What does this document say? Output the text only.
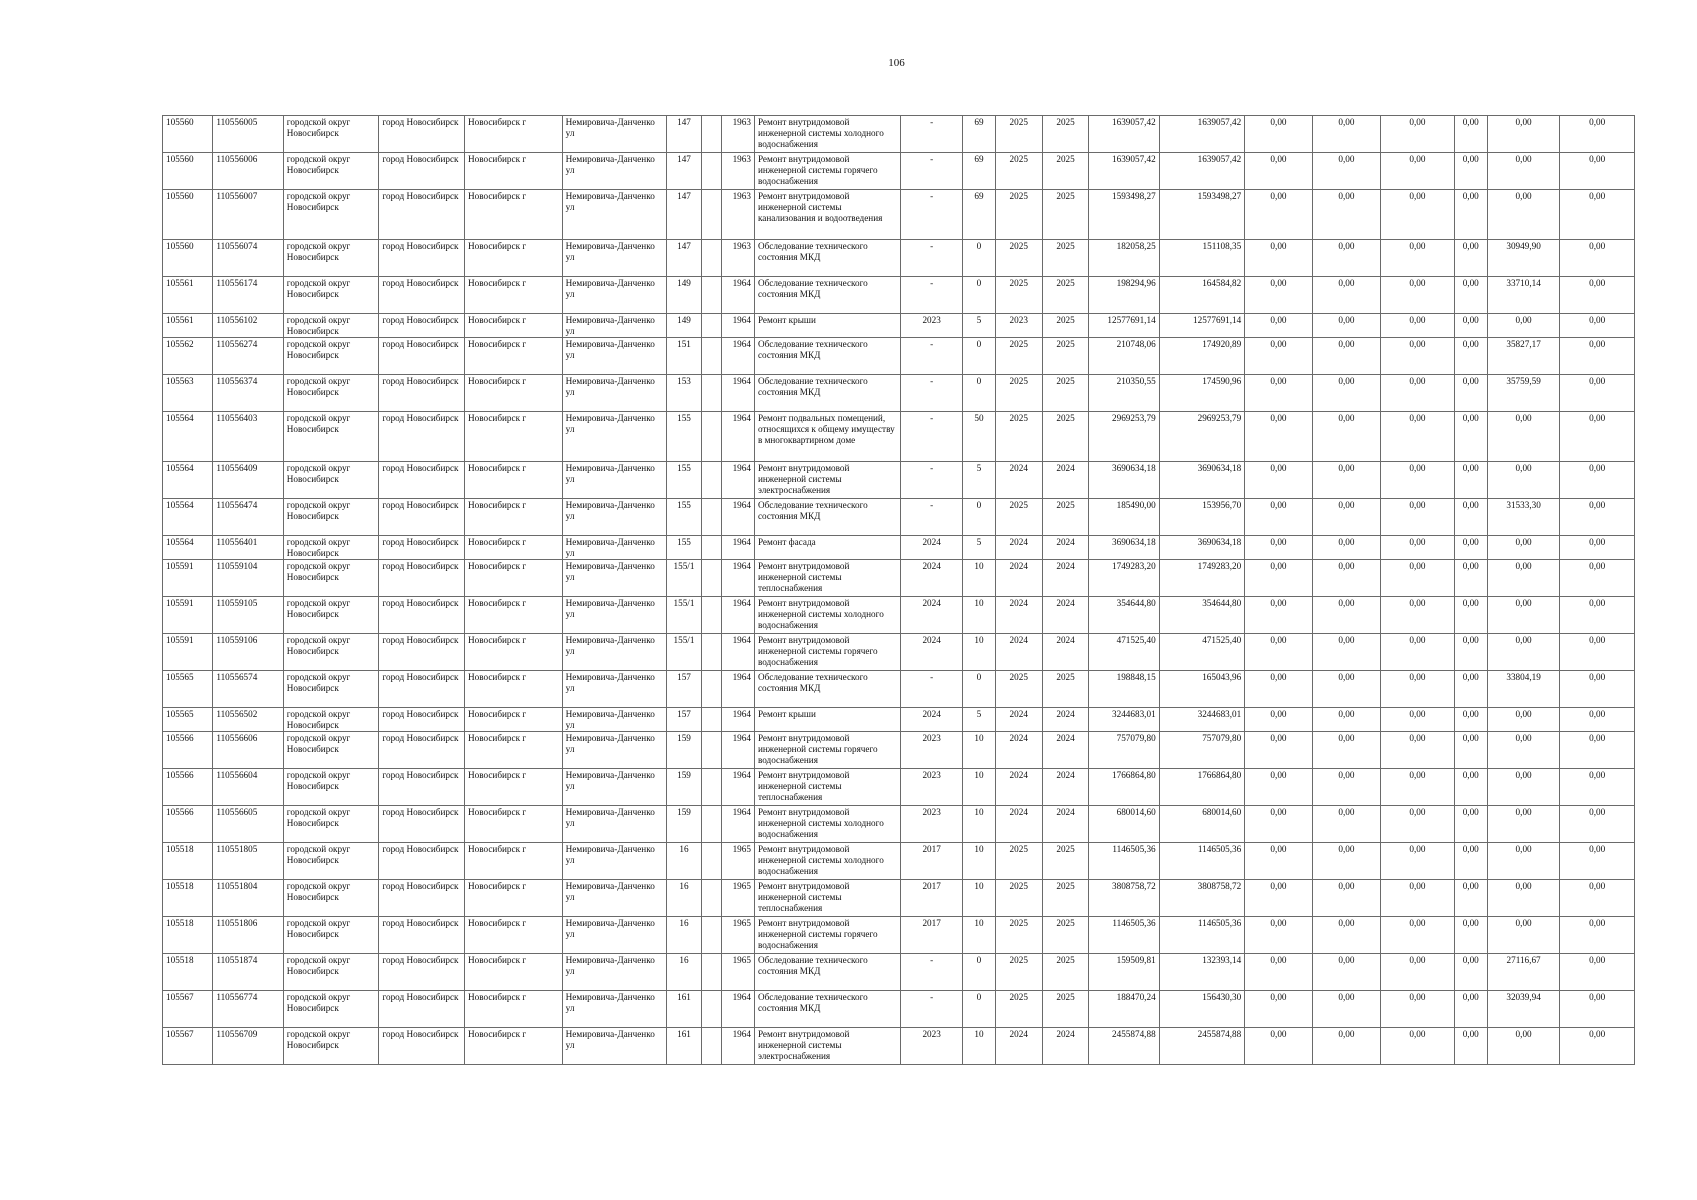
106
105560	110556005	городской округ Новосибирск	город Новосибирск	Новосибирск г	Немировича-Данченко ул	147		1963	Ремонт внутридомовой инженерной системы холодного водоснабжения	-	69	2025	2025	1639057,42	1639057,42	0,00	0,00	0,00	0,00	0,00	0,00
105560	110556006	городской округ Новосибирск	город Новосибирск	Новосибирск г	Немировича-Данченко ул	147		1963	Ремонт внутридомовой инженерной системы горячего водоснабжения	-	69	2025	2025	1639057,42	1639057,42	0,00	0,00	0,00	0,00	0,00	0,00
105560	110556007	городской округ Новосибирск	город Новосибирск	Новосибирск г	Немировича-Данченко ул	147		1963	Ремонт внутридомовой инженерной системы канализования и водоотведения	-	69	2025	2025	1593498,27	1593498,27	0,00	0,00	0,00	0,00	0,00	0,00
105560	110556074	городской округ Новосибирск	город Новосибирск	Новосибирск г	Немировича-Данченко ул	147		1963	Обследование технического состояния МКД	-	0	2025	2025	182058,25	151108,35	0,00	0,00	0,00	0,00	30949,90	0,00
105561	110556174	городской округ Новосибирск	город Новосибирск	Новосибирск г	Немировича-Данченко ул	149		1964	Обследование технического состояния МКД	-	0	2025	2025	198294,96	164584,82	0,00	0,00	0,00	0,00	33710,14	0,00
105561	110556102	городской округ Новосибирск	город Новосибирск	Новосибирск г	Немировича-Данченко ул	149		1964	Ремонт крыши	2023	5	2023	2025	12577691,14	12577691,14	0,00	0,00	0,00	0,00	0,00	0,00
105562	110556274	городской округ Новосибирск	город Новосибирск	Новосибирск г	Немировича-Данченко ул	151		1964	Обследование технического состояния МКД	-	0	2025	2025	210748,06	174920,89	0,00	0,00	0,00	0,00	35827,17	0,00
105563	110556374	городской округ Новосибирск	город Новосибирск	Новосибирск г	Немировича-Данченко ул	153		1964	Обследование технического состояния МКД	-	0	2025	2025	210350,55	174590,96	0,00	0,00	0,00	0,00	35759,59	0,00
105564	110556403	городской округ Новосибирск	город Новосибирск	Новосибирск г	Немировича-Данченко ул	155		1964	Ремонт подвальных помещений, относящихся к общему имуществу в многоквартирном доме	-	50	2025	2025	2969253,79	2969253,79	0,00	0,00	0,00	0,00	0,00	0,00
105564	110556409	городской округ Новосибирск	город Новосибирск	Новосибирск г	Немировича-Данченко ул	155		1964	Ремонт внутридомовой инженерной системы электроснабжения	-	5	2024	2024	3690634,18	3690634,18	0,00	0,00	0,00	0,00	0,00	0,00
105564	110556474	городской округ Новосибирск	город Новосибирск	Новосибирск г	Немировича-Данченко ул	155		1964	Обследование технического состояния МКД	-	0	2025	2025	185490,00	153956,70	0,00	0,00	0,00	0,00	31533,30	0,00
105564	110556401	городской округ Новосибирск	город Новосибирск	Новосибирск г	Немировича-Данченко ул	155		1964	Ремонт фасада	2024	5	2024	2024	3690634,18	3690634,18	0,00	0,00	0,00	0,00	0,00	0,00
105591	110559104	городской округ Новосибирск	город Новосибирск	Новосибирск г	Немировича-Данченко ул	155/1		1964	Ремонт внутридомовой инженерной системы теплоснабжения	2024	10	2024	2024	1749283,20	1749283,20	0,00	0,00	0,00	0,00	0,00	0,00
105591	110559105	городской округ Новосибирск	город Новосибирск	Новосибирск г	Немировича-Данченко ул	155/1		1964	Ремонт внутридомовой инженерной системы холодного водоснабжения	2024	10	2024	2024	354644,80	354644,80	0,00	0,00	0,00	0,00	0,00	0,00
105591	110559106	городской округ Новосибирск	город Новосибирск	Новосибирск г	Немировича-Данченко ул	155/1		1964	Ремонт внутридомовой инженерной системы горячего водоснабжения	2024	10	2024	2024	471525,40	471525,40	0,00	0,00	0,00	0,00	0,00	0,00
105565	110556574	городской округ Новосибирск	город Новосибирск	Новосибирск г	Немировича-Данченко ул	157		1964	Обследование технического состояния МКД	-	0	2025	2025	198848,15	165043,96	0,00	0,00	0,00	0,00	33804,19	0,00
105565	110556502	городской округ Новосибирск	город Новосибирск	Новосибирск г	Немировича-Данченко ул	157		1964	Ремонт крыши	2024	5	2024	2024	3244683,01	3244683,01	0,00	0,00	0,00	0,00	0,00	0,00
105566	110556606	городской округ Новосибирск	город Новосибирск	Новосибирск г	Немировича-Данченко ул	159		1964	Ремонт внутридомовой инженерной системы горячего водоснабжения	2023	10	2024	2024	757079,80	757079,80	0,00	0,00	0,00	0,00	0,00	0,00
105566	110556604	городской округ Новосибирск	город Новосибирск	Новосибирск г	Немировича-Данченко ул	159		1964	Ремонт внутридомовой инженерной системы теплоснабжения	2023	10	2024	2024	1766864,80	1766864,80	0,00	0,00	0,00	0,00	0,00	0,00
105566	110556605	городской округ Новосибирск	город Новосибирск	Новосибирск г	Немировича-Данченко ул	159		1964	Ремонт внутридомовой инженерной системы холодного водоснабжения	2023	10	2024	2024	680014,60	680014,60	0,00	0,00	0,00	0,00	0,00	0,00
105518	110551805	городской округ Новосибирск	город Новосибирск	Новосибирск г	Немировича-Данченко ул	16		1965	Ремонт внутридомовой инженерной системы холодного водоснабжения	2017	10	2025	2025	1146505,36	1146505,36	0,00	0,00	0,00	0,00	0,00	0,00
105518	110551804	городской округ Новосибирск	город Новосибирск	Новосибирск г	Немировича-Данченко ул	16		1965	Ремонт внутридомовой инженерной системы теплоснабжения	2017	10	2025	2025	3808758,72	3808758,72	0,00	0,00	0,00	0,00	0,00	0,00
105518	110551806	городской округ Новосибирск	город Новосибирск	Новосибирск г	Немировича-Данченко ул	16		1965	Ремонт внутридомовой инженерной системы горячего водоснабжения	2017	10	2025	2025	1146505,36	1146505,36	0,00	0,00	0,00	0,00	0,00	0,00
105518	110551874	городской округ Новосибирск	город Новосибирск	Новосибирск г	Немировича-Данченко ул	16		1965	Обследование технического состояния МКД	-	0	2025	2025	159509,81	132393,14	0,00	0,00	0,00	0,00	27116,67	0,00
105567	110556774	городской округ Новосибирск	город Новосибирск	Новосибирск г	Немировича-Данченко ул	161		1964	Обследование технического состояния МКД	-	0	2025	2025	188470,24	156430,30	0,00	0,00	0,00	0,00	32039,94	0,00
105567	110556709	городской округ Новосибирск	город Новосибирск	Новосибирск г	Немировича-Данченко ул	161		1964	Ремонт внутридомовой инженерной системы электроснабжения	2023	10	2024	2024	2455874,88	2455874,88	0,00	0,00	0,00	0,00	0,00	0,00
